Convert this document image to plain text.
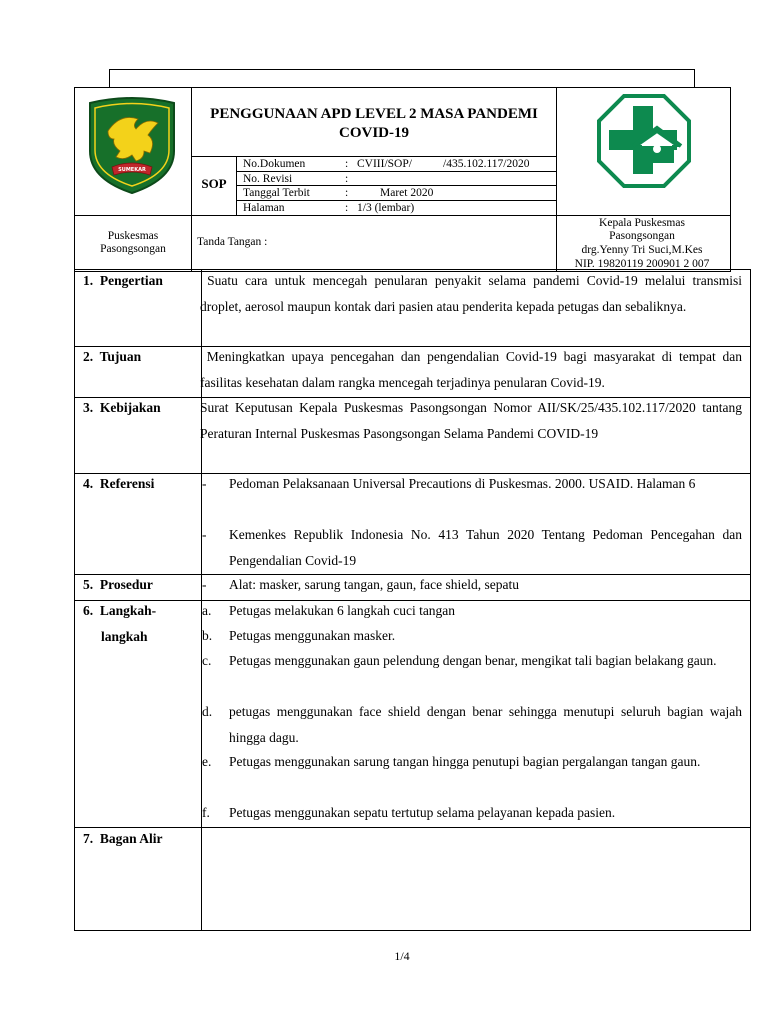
SUMEKAR
PENGGUNAAN APD LEVEL 2 MASA PANDEMI COVID-19
SOP
No.Dokumen	: CVIII/SOP/	/435.102.117/2020
No. Revisi	:
Tanggal Terbit	:	Maret 2020
Halaman	: 1/3 (lembar)
Puskesmas Pasongsongan
Tanda Tangan :
Kepala Puskesmas Pasongsongan
drg.Yenny Tri Suci,M.Kes
NIP. 19820119 200901 2 007
1. Pengertian	Suatu cara untuk mencegah penularan penyakit selama pandemi Covid-19 melalui transmisi droplet, aerosol maupun kontak dari pasien atau penderita kepada petugas dan sebaliknya.
2. Tujuan	Meningkatkan upaya pencegahan dan pengendalian Covid-19 bagi masyarakat di tempat dan fasilitas kesehatan dalam rangka mencegah terjadinya penularan Covid-19.
3. Kebijakan	Surat Keputusan Kepala Puskesmas Pasongsongan Nomor AII/SK/25/435.102.117/2020 tantang Peraturan Internal Puskesmas Pasongsongan Selama Pandemi COVID-19
4. Referensi	-	Pedoman Pelaksanaan Universal Precautions di Puskesmas. 2000. USAID. Halaman 6
-	Kemenkes Republik Indonesia No. 413 Tahun 2020 Tentang Pedoman Pencegahan dan Pengendalian Covid-19
5. Prosedur	-	Alat: masker, sarung tangan, gaun, face shield, sepatu
6. Langkah-
langkah
a.	Petugas melakukan 6 langkah cuci tangan
b.	Petugas menggunakan masker.
c.	Petugas menggunakan gaun pelendung dengan benar, mengikat tali bagian belakang gaun.
d.	petugas menggunakan face shield dengan benar sehingga menutupi seluruh bagian wajah hingga dagu.
e.	Petugas menggunakan sarung tangan hingga penutupi bagian pergalangan tangan gaun.
f.	Petugas menggunakan sepatu tertutup selama pelayanan kepada pasien.
7. Bagan Alir
1/4
